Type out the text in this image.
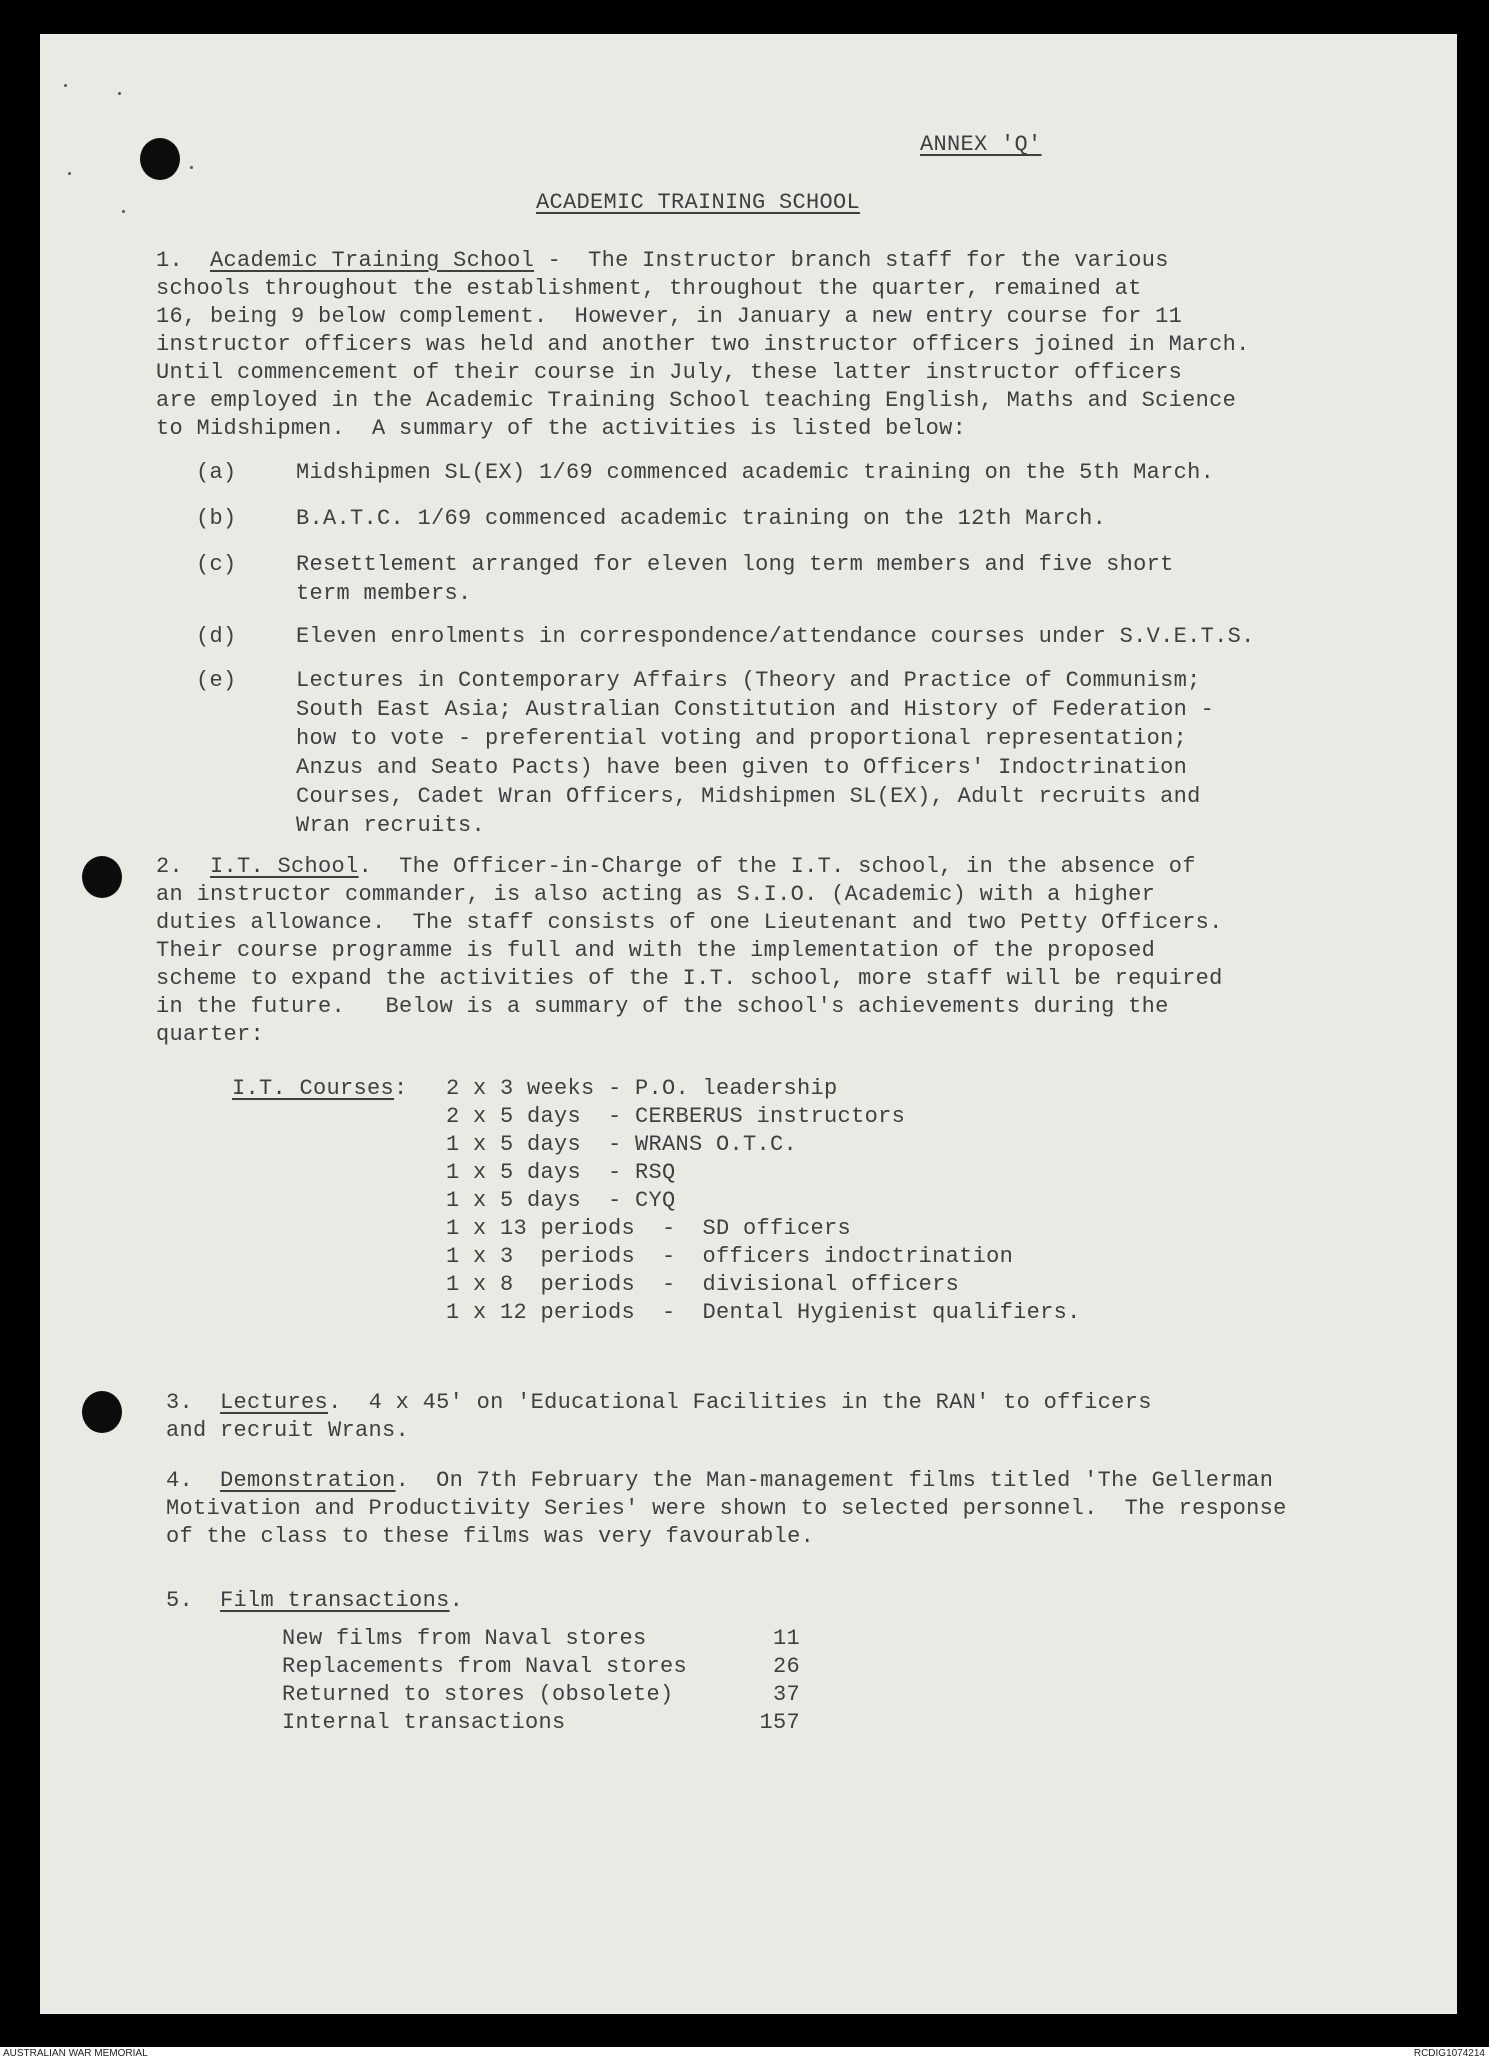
ANNEX 'Q'
ACADEMIC TRAINING SCHOOL
1. Academic Training School - The Instructor branch staff for the various
schools throughout the establishment, throughout the quarter, remained at
16, being 9 below complement.  However, in January a new entry course for 11
instructor officers was held and another two instructor officers joined in March.
Until commencement of their course in July, these latter instructor officers
are employed in the Academic Training School teaching English, Maths and Science
to Midshipmen.  A summary of the activities is listed below:
(a)	Midshipmen SL(EX) 1/69 commenced academic training on the 5th March.
(b)	B.A.T.C. 1/69 commenced academic training on the 12th March.
(c)	Resettlement arranged for eleven long term members and five short
term members.
(d)	Eleven enrolments in correspondence/attendance courses under S.V.E.T.S.
(e)	Lectures in Contemporary Affairs (Theory and Practice of Communism;
South East Asia; Australian Constitution and History of Federation -
how to vote - preferential voting and proportional representation;
Anzus and Seato Pacts) have been given to Officers' Indoctrination
Courses, Cadet Wran Officers, Midshipmen SL(EX), Adult recruits and
Wran recruits.
2. I.T. School.  The Officer-in-Charge of the I.T. school, in the absence of
an instructor commander, is also acting as S.I.O. (Academic) with a higher
duties allowance.  The staff consists of one Lieutenant and two Petty Officers.
Their course programme is full and with the implementation of the proposed
scheme to expand the activities of the I.T. school, more staff will be required
in the future.   Below is a summary of the school's achievements during the
quarter:
I.T. Courses: 2 x 3 weeks - P.O. leadership
2 x 5 days  - CERBERUS instructors
1 x 5 days  - WRANS O.T.C.
1 x 5 days  - RSQ
1 x 5 days  - CYQ
1 x 13 periods  -  SD officers
1 x 3  periods  -  officers indoctrination
1 x 8  periods  -  divisional officers
1 x 12 periods  -  Dental Hygienist qualifiers.
3. Lectures.  4 x 45' on 'Educational Facilities in the RAN' to officers
and recruit Wrans.
4. Demonstration.  On 7th February the Man-management films titled 'The Gellerman
Motivation and Productivity Series' were shown to selected personnel.  The response
of the class to these films was very favourable.
5. Film transactions.
New films from Naval stores	11
Replacements from Naval stores	26
Returned to stores (obsolete)	37
Internal transactions	157
AUSTRALIAN WAR MEMORIAL	RCDIG1074214
